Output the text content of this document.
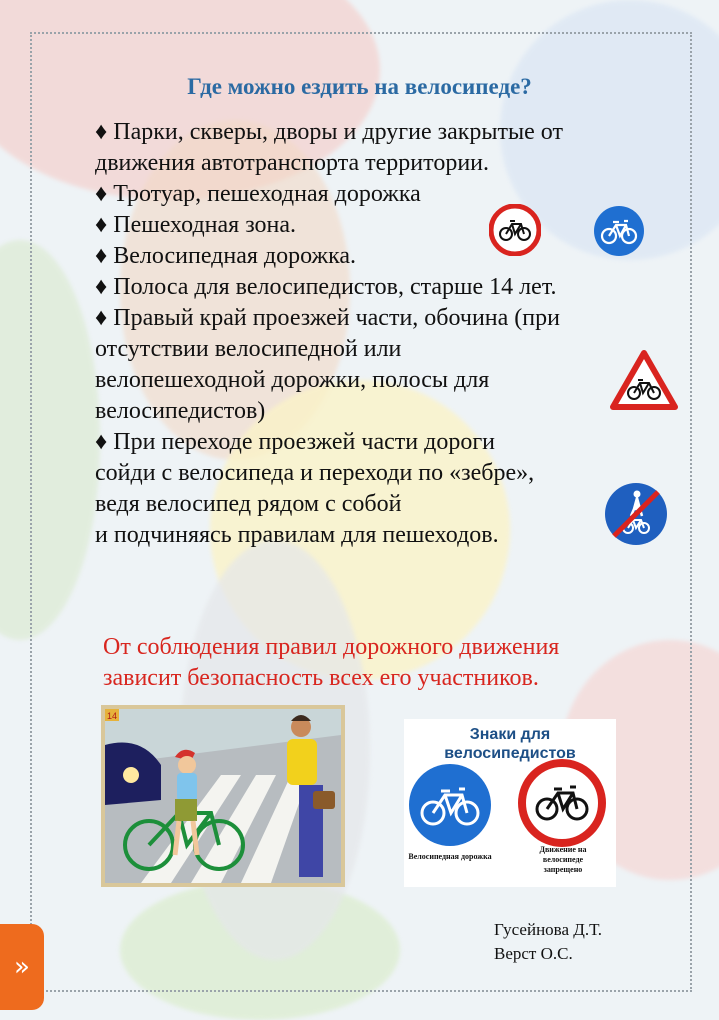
Где можно ездить на велосипеде?
♦ Парки, скверы, дворы и другие закрытые от
движения автотранспорта территории.
♦ Тротуар, пешеходная дорожка
♦ Пешеходная зона.
♦ Велосипедная дорожка.
♦ Полоса для велосипедистов, старше 14 лет.
♦ Правый край проезжей части, обочина (при
отсутствии велосипедной или
велопешеходной дорожки, полосы для
велосипедистов)
♦ При переходе проезжей части дороги
сойди с велосипеда и переходи по «зебре»,
ведя велосипед рядом с собой
и подчиняясь правилам для пешеходов.
От соблюдения правил дорожного движения зависит безопасность всех его участников.
14
Знаки для велосипедистов
Велосипедная дорожка
Движение на велосипеде запрещено
Гусейнова Д.Т.
Верст О.С.
»
